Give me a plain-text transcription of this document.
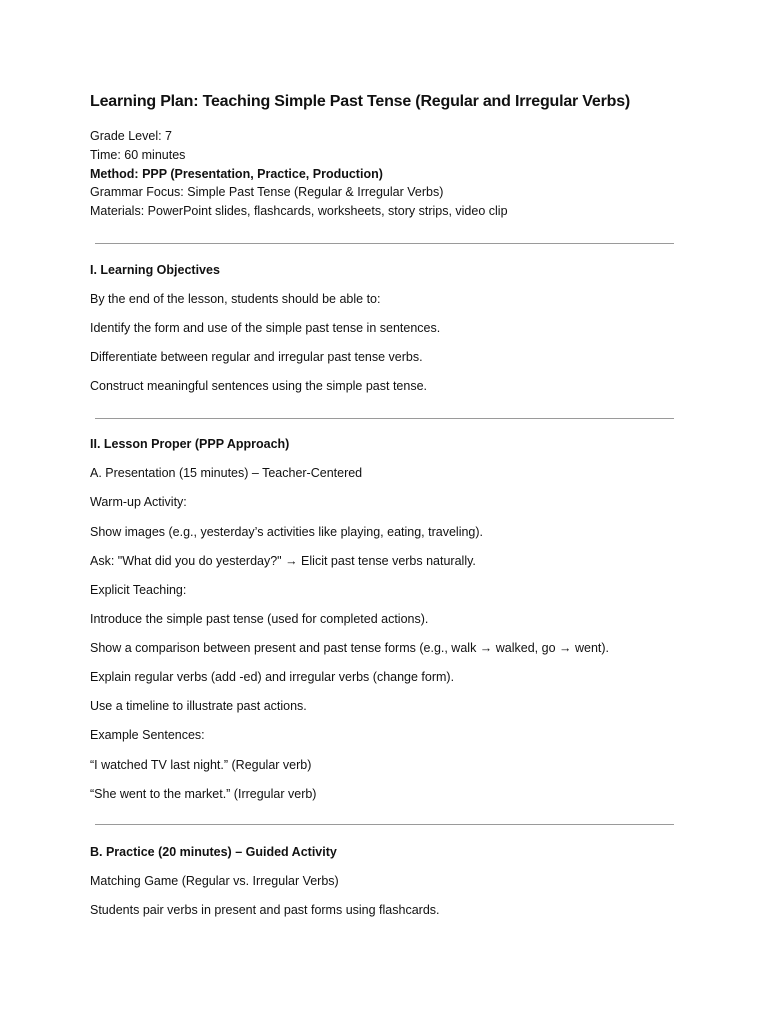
Learning Plan: Teaching Simple Past Tense (Regular and Irregular Verbs)
Grade Level: 7
Time: 60 minutes
Method: PPP (Presentation, Practice, Production)
Grammar Focus: Simple Past Tense (Regular & Irregular Verbs)
Materials: PowerPoint slides, flashcards, worksheets, story strips, video clip
I. Learning Objectives
By the end of the lesson, students should be able to:
Identify the form and use of the simple past tense in sentences.
Differentiate between regular and irregular past tense verbs.
Construct meaningful sentences using the simple past tense.
II. Lesson Proper (PPP Approach)
A. Presentation (15 minutes) – Teacher-Centered
Warm-up Activity:
Show images (e.g., yesterday’s activities like playing, eating, traveling).
Ask: "What did you do yesterday?" → Elicit past tense verbs naturally.
Explicit Teaching:
Introduce the simple past tense (used for completed actions).
Show a comparison between present and past tense forms (e.g., walk → walked, go → went).
Explain regular verbs (add -ed) and irregular verbs (change form).
Use a timeline to illustrate past actions.
Example Sentences:
“I watched TV last night.” (Regular verb)
“She went to the market.” (Irregular verb)
B. Practice (20 minutes) – Guided Activity
Matching Game (Regular vs. Irregular Verbs)
Students pair verbs in present and past forms using flashcards.
